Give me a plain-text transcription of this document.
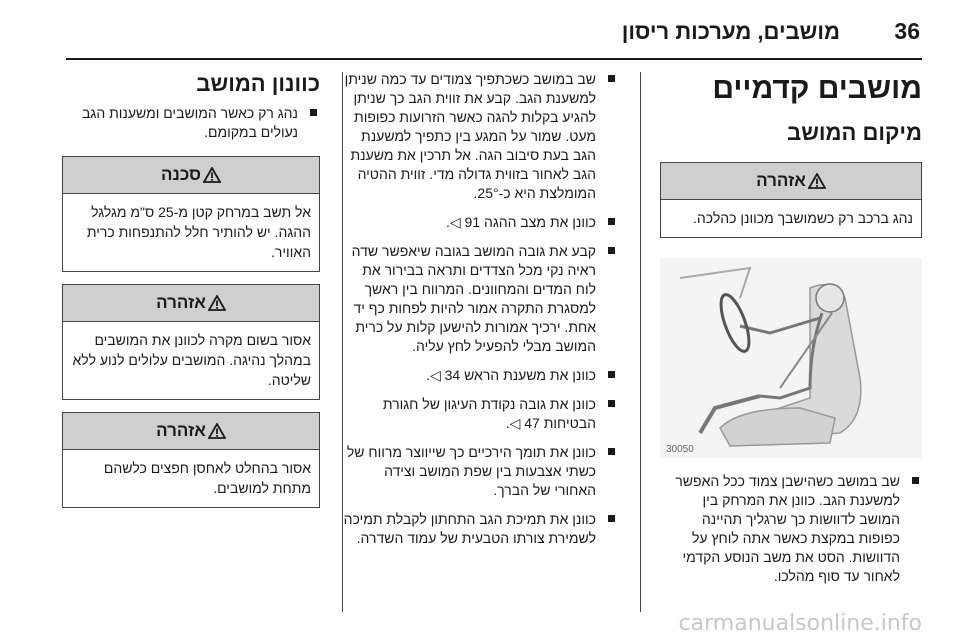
36
מושבים, מערכות ריסון
מושבים קדמיים
מיקום המושב
אזהרה
נהג ברכב רק כשמושבך מכוונן כהלכה.
30050
שב במושב כשהישבן צמוד ככל האפשר למשענת הגב. כוונן את המרחק בין המושב לדוושות כך שרגליך תהיינה כפופות במקצת כאשר אתה לוחץ על הדוושות. הסט את משב הנוסע הקדמי לאחור עד סוף מהלכו.
שב במושב כשכתפיך צמודים עד כמה שניתן למשענת הגב. קבע את זווית הגב כך שניתן להגיע בקלות להגה כאשר הזרועות כפופות מעט. שמור על המגע בין כתפיך למשענת הגב בעת סיבוב הגה. אל תרכין את משענת הגב לאחור בזווית גדולה מדי. זווית ההטיה המומלצת היא כ-25°.
כוונן את מצב ההגה 91 ◁.
קבע את גובה המושב בגובה שיאפשר שדה ראיה נקי מכל הצדדים ותראה בבירור את לוח המדים והמחוונים. המרווח בין ראשך למסגרת התקרה אמור להיות לפחות כף יד אחת. ירכיך אמורות להישען קלות על כרית המושב מבלי להפעיל לחץ עליה.
כוונן את משענת הראש 34 ◁.
כוונן את גובה נקודת העיגון של חגורת הבטיחות 47 ◁.
כוונן את תומך הירכיים כך שייווצר מרווח של כשתי אצבעות בין שפת המושב וצידה האחורי של הברך.
כוונן את תמיכת הגב התחתון לקבלת תמיכה לשמירת צורתו הטבעית של עמוד השדרה.
כוונון המושב
נהג רק כאשר המושבים ומשענות הגב נעולים במקומם.
סכנה
אל תשב במרחק קטן מ-25 ס"מ מגלגל ההגה. יש להותיר חלל להתנפחות כרית האוויר.
אזהרה
אסור בשום מקרה לכוונן את המושבים במהלך נהיגה. המושבים עלולים לנוע ללא שליטה.
אזהרה
אסור בהחלט לאחסן חפצים כלשהם מתחת למושבים.
carmanualsonline.info
